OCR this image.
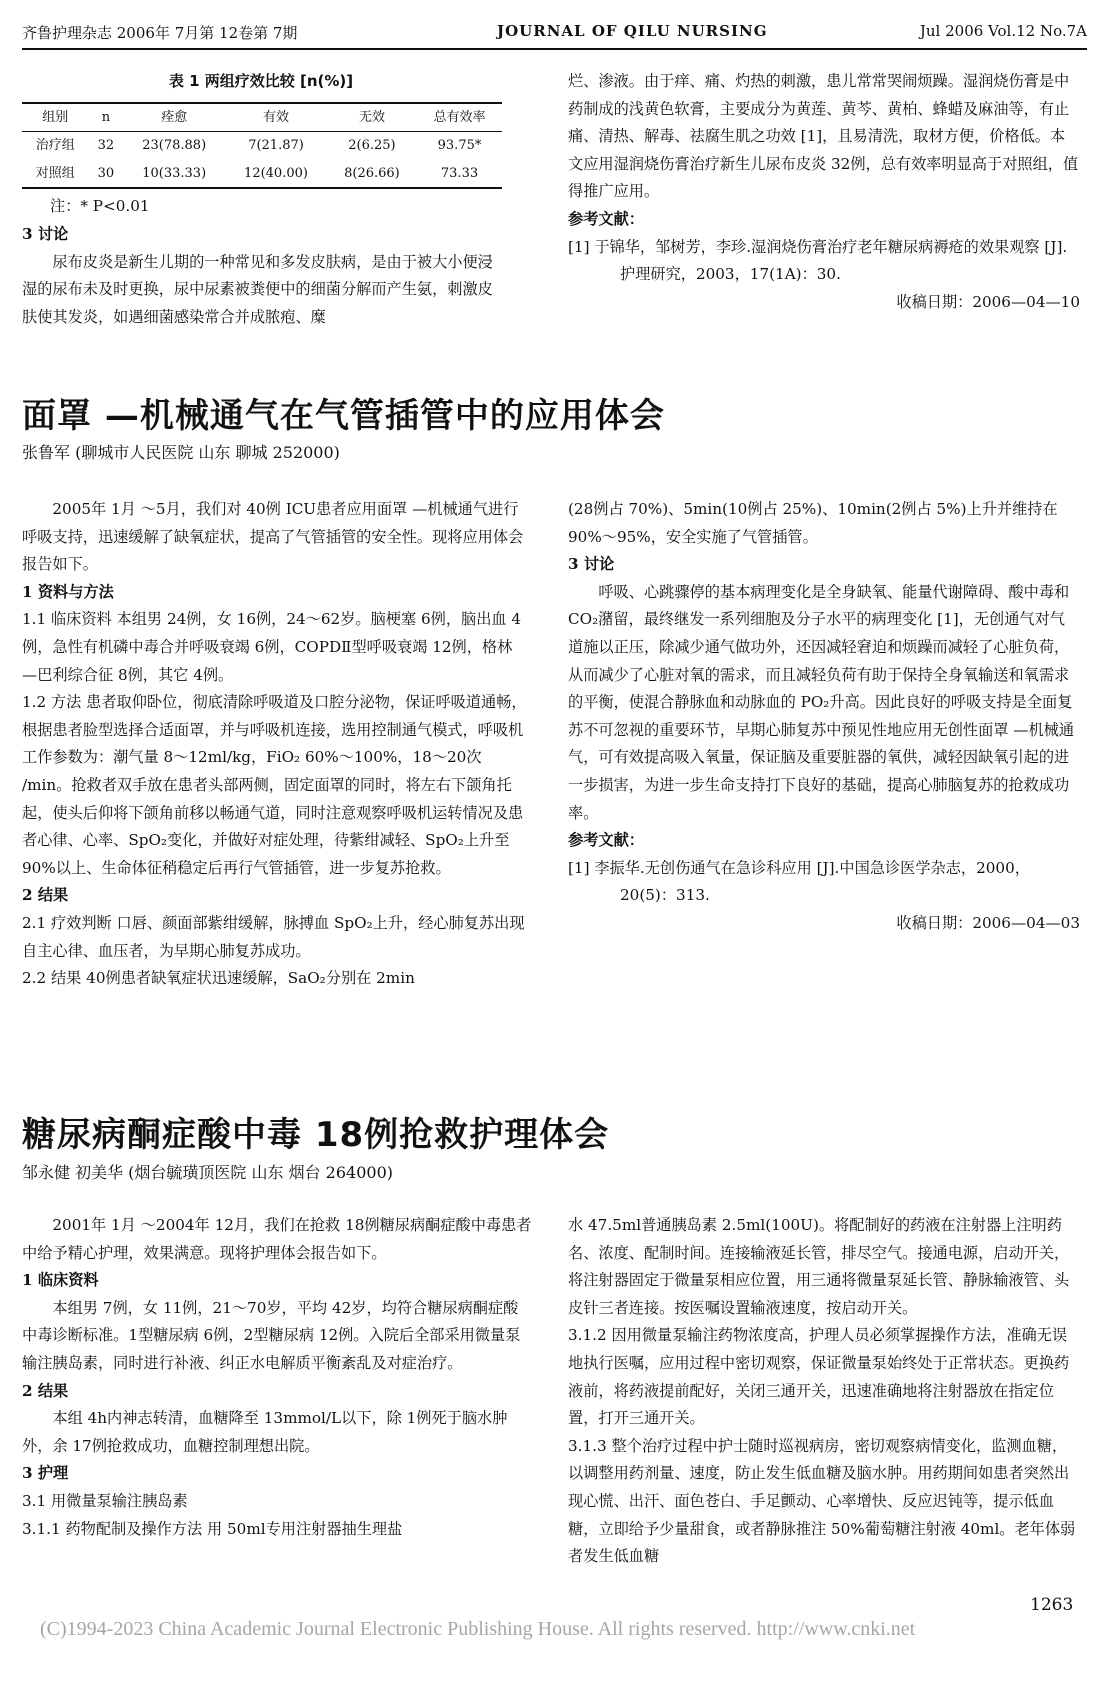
齐鲁护理杂志 2006年 7月第 12卷第 7期	JOURNAL OF QILU NURSING	Jul 2006 Vol.12 No.7A
表 1 两组疗效比较 [n(%)]
组别	n	痊愈	有效	无效	总有效率
治疗组	32	23(78.88)	7(21.87)	2(6.25)	93.75*
对照组	30	10(33.33)	12(40.00)	8(26.66)	73.33

注：* P<0.01

3 讨论

尿布皮炎是新生儿期的一种常见和多发皮肤病，是由于被大小便浸湿的尿布未及时更换，尿中尿素被粪便中的细菌分解而产生氨，刺激皮肤使其发炎，如遇细菌感染常合并成脓疱、糜

烂、渗液。由于痒、痛、灼热的刺激，患儿常常哭闹烦躁。湿润烧伤膏是中药制成的浅黄色软膏，主要成分为黄莲、黄芩、黄柏、蜂蜡及麻油等，有止痛、清热、解毒、祛腐生肌之功效 [1]，且易清洗，取材方便，价格低。本文应用湿润烧伤膏治疗新生儿尿布皮炎 32例，总有效率明显高于对照组，值得推广应用。

参考文献：

[1] 于锦华，邹树芳，李珍.湿润烧伤膏治疗老年糖尿病褥疮的效果观察 [J].护理研究，2003，17(1A)：30.

收稿日期：2006—04—10

面罩 —机械通气在气管插管中的应用体会
张鲁军 (聊城市人民医院 山东 聊城 252000)

2005年 1月 ～5月，我们对 40例 ICU患者应用面罩 —机械通气进行呼吸支持，迅速缓解了缺氧症状，提高了气管插管的安全性。现将应用体会报告如下。

1 资料与方法

1.1 临床资料 本组男 24例，女 16例，24～62岁。脑梗塞 6例，脑出血 4例，急性有机磷中毒合并呼吸衰竭 6例，COPDⅡ型呼吸衰竭 12例，格林 —巴利综合征 8例，其它 4例。

1.2 方法 患者取仰卧位，彻底清除呼吸道及口腔分泌物，保证呼吸道通畅，根据患者脸型选择合适面罩，并与呼吸机连接，选用控制通气模式，呼吸机工作参数为：潮气量 8～12ml/kg，FiO₂ 60%～100%，18～20次 /min。抢救者双手放在患者头部两侧，固定面罩的同时，将左右下颌角托起，使头后仰将下颌角前移以畅通气道，同时注意观察呼吸机运转情况及患者心律、心率、SpO₂变化，并做好对症处理，待紫绀减轻、SpO₂上升至 90%以上、生命体征稍稳定后再行气管插管，进一步复苏抢救。

2 结果

2.1 疗效判断 口唇、颜面部紫绀缓解，脉搏血 SpO₂上升，经心肺复苏出现自主心律、血压者，为早期心肺复苏成功。

2.2 结果 40例患者缺氧症状迅速缓解，SaO₂分别在 2min

(28例占 70%)、5min(10例占 25%)、10min(2例占 5%)上升并维持在 90%～95%，安全实施了气管插管。

3 讨论

呼吸、心跳骤停的基本病理变化是全身缺氧、能量代谢障碍、酸中毒和 CO₂潴留，最终继发一系列细胞及分子水平的病理变化 [1]，无创通气对气道施以正压，除减少通气做功外，还因减轻窘迫和烦躁而减轻了心脏负荷，从而减少了心脏对氧的需求，而且减轻负荷有助于保持全身氧输送和氧需求的平衡，使混合静脉血和动脉血的 PO₂升高。因此良好的呼吸支持是全面复苏不可忽视的重要环节，早期心肺复苏中预见性地应用无创性面罩 —机械通气，可有效提高吸入氧量，保证脑及重要脏器的氧供，减轻因缺氧引起的进一步损害，为进一步生命支持打下良好的基础，提高心肺脑复苏的抢救成功率。

参考文献：

[1] 李振华.无创伤通气在急诊科应用 [J].中国急诊医学杂志，2000，20(5)：313.

收稿日期：2006—04—03

糖尿病酮症酸中毒 18例抢救护理体会
邹永健 初美华 (烟台毓璜顶医院 山东 烟台 264000)

2001年 1月 ～2004年 12月，我们在抢救 18例糖尿病酮症酸中毒患者中给予精心护理，效果满意。现将护理体会报告如下。

1 临床资料

本组男 7例，女 11例，21～70岁，平均 42岁，均符合糖尿病酮症酸中毒诊断标准。1型糖尿病 6例，2型糖尿病 12例。入院后全部采用微量泵输注胰岛素，同时进行补液、纠正水电解质平衡紊乱及对症治疗。

2 结果

本组 4h内神志转清，血糖降至 13mmol/L以下，除 1例死于脑水肿外，余 17例抢救成功，血糖控制理想出院。

3 护理

3.1 用微量泵输注胰岛素

3.1.1 药物配制及操作方法 用 50ml专用注射器抽生理盐

水 47.5ml普通胰岛素 2.5ml(100U)。将配制好的药液在注射器上注明药名、浓度、配制时间。连接输液延长管，排尽空气。接通电源，启动开关，将注射器固定于微量泵相应位置，用三通将微量泵延长管、静脉输液管、头皮针三者连接。按医嘱设置输液速度，按启动开关。

3.1.2 因用微量泵输注药物浓度高，护理人员必须掌握操作方法，准确无误地执行医嘱，应用过程中密切观察，保证微量泵始终处于正常状态。更换药液前，将药液提前配好，关闭三通开关，迅速准确地将注射器放在指定位置，打开三通开关。

3.1.3 整个治疗过程中护士随时巡视病房，密切观察病情变化，监测血糖，以调整用药剂量、速度，防止发生低血糖及脑水肿。用药期间如患者突然出现心慌、出汗、面色苍白、手足颤动、心率增快、反应迟钝等，提示低血糖，立即给予少量甜食，或者静脉推注 50%葡萄糖注射液 40ml。老年体弱者发生低血糖

1263
(C)1994-2023 China Academic Journal Electronic Publishing House. All rights reserved. http://www.cnki.net
